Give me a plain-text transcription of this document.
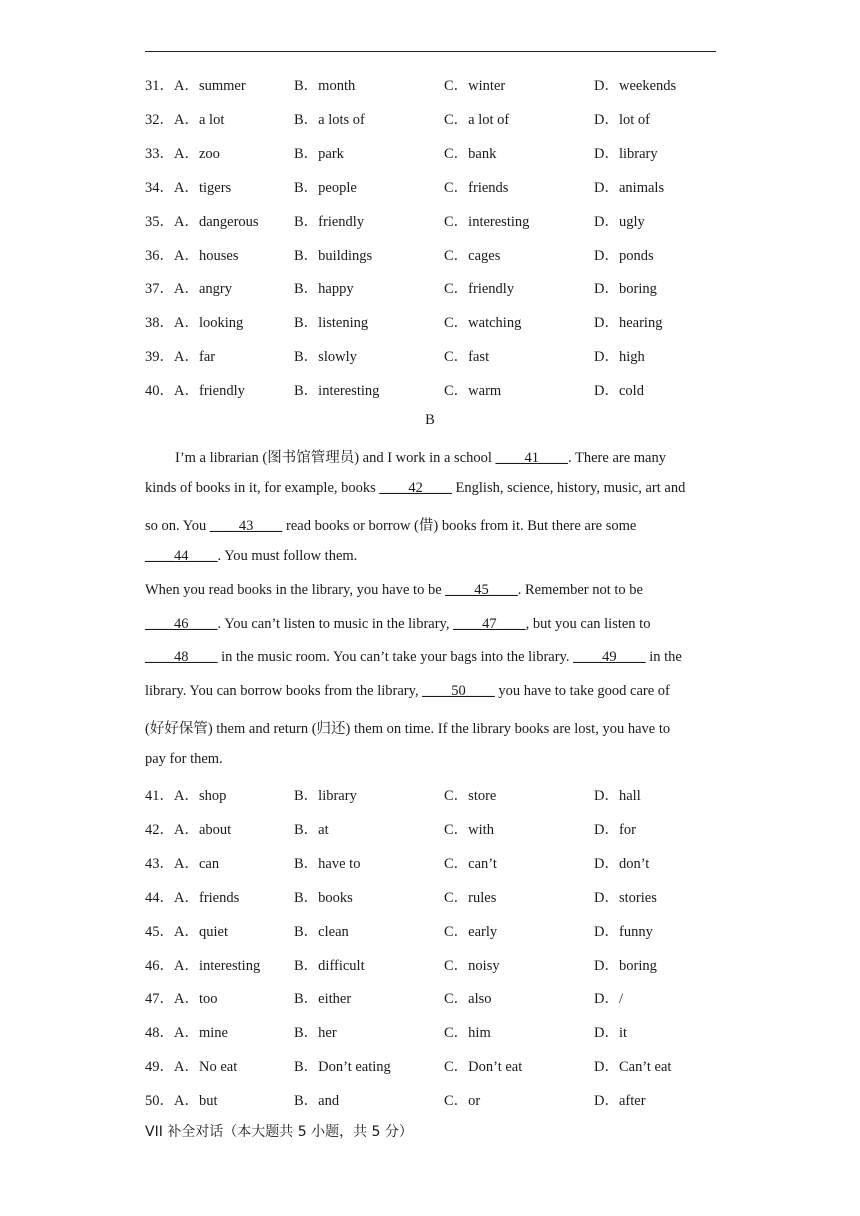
31．A．summer	B．month	C．winter	D．weekends
32．A．a lot	B．a lots of	C．a lot of	D．lot of
33．A．zoo	B．park	C．bank	D．library
34．A．tigers	B．people	C．friends	D．animals
35．A．dangerous B．friendly	C．interesting	D．ugly
36．A．houses	B．buildings	C．cages	D．ponds
37．A．angry	B．happy	C．friendly	D．boring
38．A．looking	B．listening	C．watching	D．hearing
39．A．far	B．slowly	C．fast	D．high
40．A．friendly	B．interesting	C．warm	D．cold
B
I’m a librarian (图书馆管理员) and I work in a school ____41____. There are many
kinds of books in it, for example, books ____42____ English, science, history, music, art and
so on. You ____43____ read books or borrow (借) books from it. But there are some
____44____. You must follow them.
When you read books in the library, you have to be ____45____. Remember not to be
____46____. You can’t listen to music in the library, ____47____, but you can listen to
____48____ in the music room. You can’t take your bags into the library. ____49____ in the
library. You can borrow books from the library, ____50____ you have to take good care of
(好好保管) them and return (归还) them on time. If the library books are lost, you have to
pay for them.
41．A．shop	B．library	C．store	D．hall
42．A．about	B．at	C．with	D．for
43．A．can	B．have to	C．can’t	D．don’t
44．A．friends	B．books	C．rules	D．stories
45．A．quiet	B．clean	C．early	D．funny
46．A．interesting B．difficult	C．noisy	D．boring
47．A．too	B．either	C．also	D．/
48．A．mine	B．her	C．him	D．it
49．A．No eat	B．Don’t eating	C．Don’t eat	D．Can’t eat
50．A．but	B．and	C．or	D．after
VII 补全对话（本大题共 5 小题，共 5 分）
